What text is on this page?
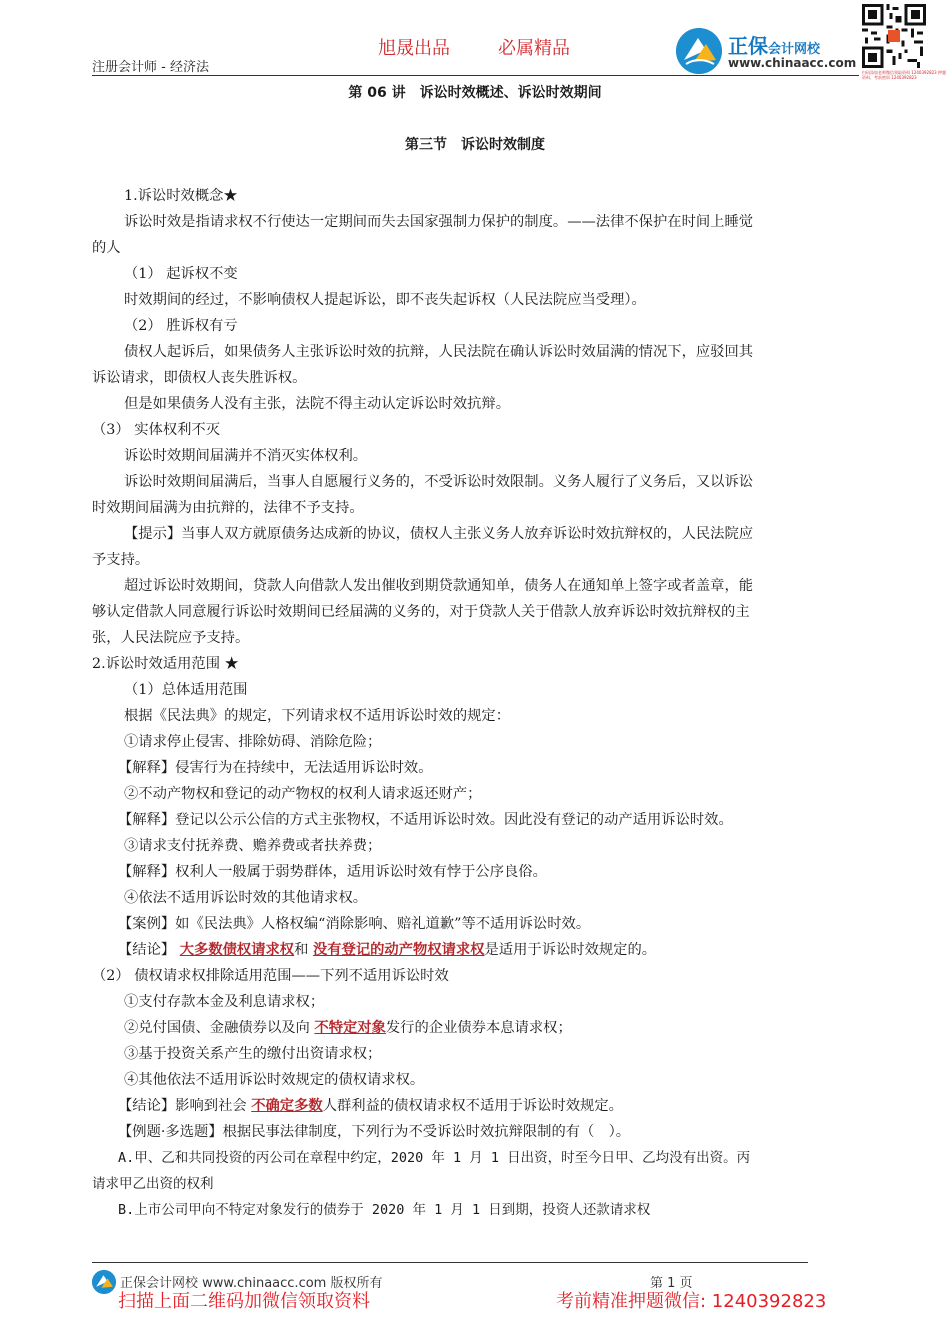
旭晟出品	必属精品
注册会计师 - 经济法
正保会计网校
www.chinaacc.com
扫码添加老师微信领取资料 1240392823 押题资料、考前密训 1240392823
第 06 讲　诉讼时效概述、诉讼时效期间
第三节　诉讼时效制度
1.诉讼时效概念★
诉讼时效是指请求权不行使达一定期间而失去国家强制力保护的制度。——法律不保护在时间上睡觉
的人
（1） 起诉权不变
时效期间的经过，不影响债权人提起诉讼，即不丧失起诉权（人民法院应当受理）。
（2） 胜诉权有亏
债权人起诉后，如果债务人主张诉讼时效的抗辩，人民法院在确认诉讼时效届满的情况下，应驳回其
诉讼请求，即债权人丧失胜诉权。
但是如果债务人没有主张，法院不得主动认定诉讼时效抗辩。
（3） 实体权利不灭
诉讼时效期间届满并不消灭实体权利。
诉讼时效期间届满后，当事人自愿履行义务的，不受诉讼时效限制。义务人履行了义务后，又以诉讼
时效期间届满为由抗辩的，法律不予支持。
【提示】当事人双方就原债务达成新的协议，债权人主张义务人放弃诉讼时效抗辩权的，人民法院应
予支持。
超过诉讼时效期间，贷款人向借款人发出催收到期贷款通知单，债务人在通知单上签字或者盖章，能
够认定借款人同意履行诉讼时效期间已经届满的义务的，对于贷款人关于借款人放弃诉讼时效抗辩权的主
张，人民法院应予支持。
2.诉讼时效适用范围 ★
（1）总体适用范围
根据《民法典》的规定，下列请求权不适用诉讼时效的规定：
①请求停止侵害、排除妨碍、消除危险；
【解释】侵害行为在持续中，无法适用诉讼时效。
②不动产物权和登记的动产物权的权利人请求返还财产；
【解释】登记以公示公信的方式主张物权，不适用诉讼时效。因此没有登记的动产适用诉讼时效。
③请求支付抚养费、赡养费或者扶养费；
【解释】权利人一般属于弱势群体，适用诉讼时效有悖于公序良俗。
④依法不适用诉讼时效的其他请求权。
【案例】如《民法典》人格权编“消除影响、赔礼道歉”等不适用诉讼时效。
【结论】 大多数债权请求权和 没有登记的动产物权请求权是适用于诉讼时效规定的。
（2） 债权请求权排除适用范围——下列不适用诉讼时效
①支付存款本金及利息请求权；
②兑付国债、金融债券以及向 不特定对象发行的企业债券本息请求权；
③基于投资关系产生的缴付出资请求权；
④其他依法不适用诉讼时效规定的债权请求权。
【结论】影响到社会 不确定多数人群利益的债权请求权不适用于诉讼时效规定。
【例题·多选题】根据民事法律制度，下列行为不受诉讼时效抗辩限制的有（　）。
A.甲、乙和共同投资的丙公司在章程中约定，2020 年 1 月 1 日出资，时至今日甲、乙均没有出资。丙
请求甲乙出资的权利
B.上市公司甲向不特定对象发行的债券于 2020 年 1 月 1 日到期，投资人还款请求权
正保会计网校 www.chinaacc.com 版权所有	第 1 页
扫描上面二维码加微信领取资料	考前精准押题微信: 1240392823
